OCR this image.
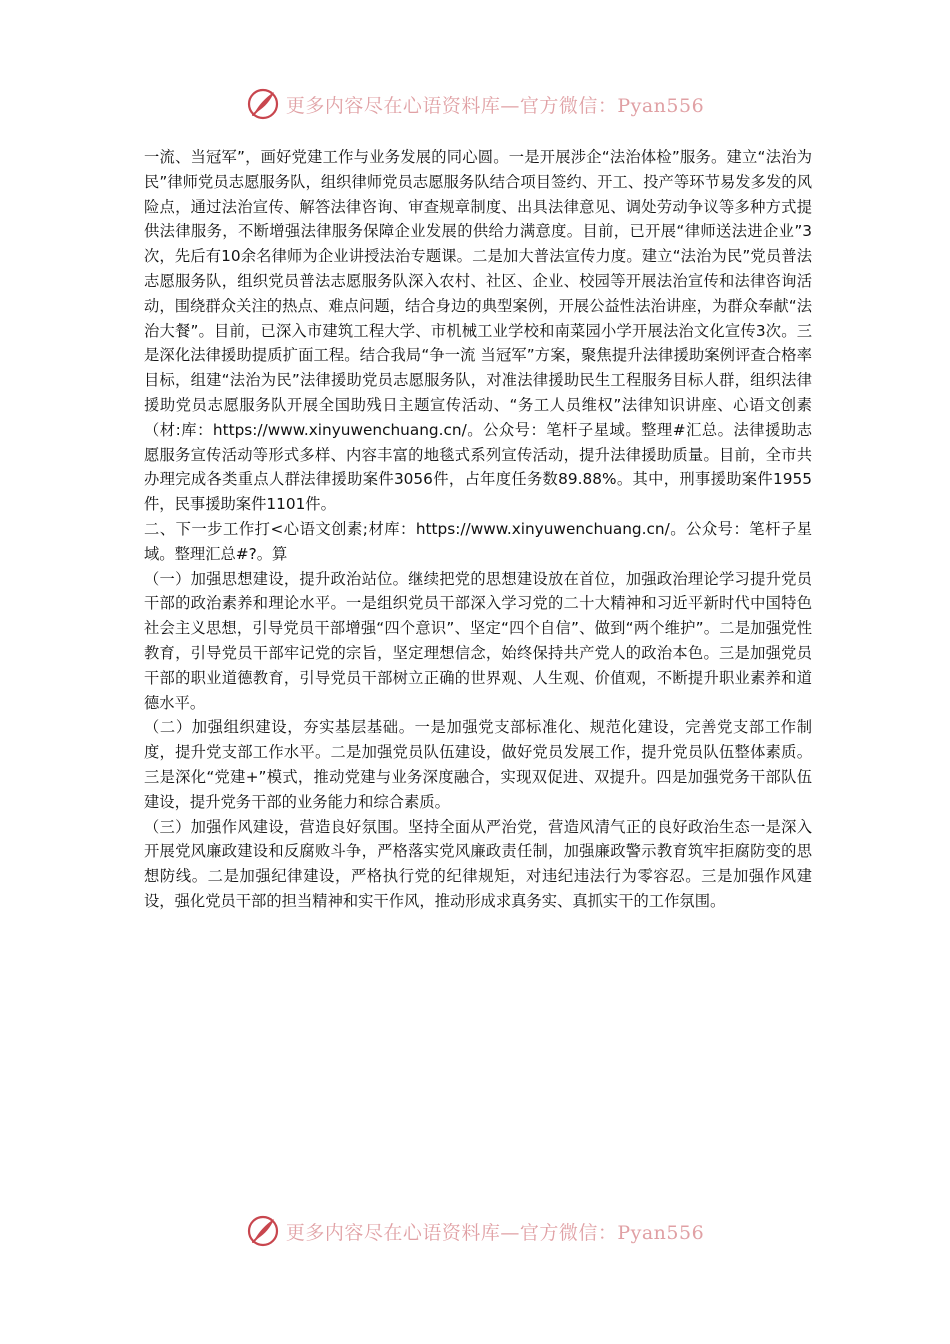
更多内容尽在心语资料库—官方微信：Pyan556

一流、当冠军”，画好党建工作与业务发展的同心圆。一是开展涉企“法治体检”服务。建立“法治为民”律师党员志愿服务队，组织律师党员志愿服务队结合项目签约、开工、投产等环节易发多发的风险点，通过法治宣传、解答法律咨询、审查规章制度、出具法律意见、调处劳动争议等多种方式提供法律服务，不断增强法律服务保障企业发展的供给力满意度。目前，已开展“律师送法进企业”3次，先后有10余名律师为企业讲授法治专题课。二是加大普法宣传力度。建立“法治为民”党员普法志愿服务队，组织党员普法志愿服务队深入农村、社区、企业、校园等开展法治宣传和法律咨询活动，围绕群众关注的热点、难点问题，结合身边的典型案例，开展公益性法治讲座，为群众奉献“法治大餐”。目前，已深入市建筑工程大学、市机械工业学校和南菜园小学开展法治文化宣传3次。三是深化法律援助提质扩面工程。结合我局“争一流 当冠军”方案，聚焦提升法律援助案例评查合格率目标，组建“法治为民”法律援助党员志愿服务队，对准法律援助民生工程服务目标人群，组织法律援助党员志愿服务队开展全国助残日主题宣传活动、“务工人员维权”法律知识讲座、心语文创素（材:库：https://www.xinyuwenchuang.cn/。公众号：笔杆子星域。整理#汇总。法律援助志愿服务宣传活动等形式多样、内容丰富的地毯式系列宣传活动，提升法律援助质量。目前，全市共办理完成各类重点人群法律援助案件3056件，占年度任务数89.88%。其中，刑事援助案件1955件，民事援助案件1101件。

二、下一步工作打<心语文创素;材库：https://www.xinyuwenchuang.cn/。公众号：笔杆子星域。整理汇总#?。算

（一）加强思想建设，提升政治站位。继续把党的思想建设放在首位，加强政治理论学习提升党员干部的政治素养和理论水平。一是组织党员干部深入学习党的二十大精神和习近平新时代中国特色社会主义思想，引导党员干部增强“四个意识”、坚定“四个自信”、做到“两个维护”。二是加强党性教育，引导党员干部牢记党的宗旨，坚定理想信念，始终保持共产党人的政治本色。三是加强党员干部的职业道德教育，引导党员干部树立正确的世界观、人生观、价值观，不断提升职业素养和道德水平。

（二）加强组织建设，夯实基层基础。一是加强党支部标准化、规范化建设，完善党支部工作制度，提升党支部工作水平。二是加强党员队伍建设，做好党员发展工作，提升党员队伍整体素质。三是深化“党建+”模式，推动党建与业务深度融合，实现双促进、双提升。四是加强党务干部队伍建设，提升党务干部的业务能力和综合素质。

（三）加强作风建设，营造良好氛围。坚持全面从严治党，营造风清气正的良好政治生态一是深入开展党风廉政建设和反腐败斗争，严格落实党风廉政责任制，加强廉政警示教育筑牢拒腐防变的思想防线。二是加强纪律建设，严格执行党的纪律规矩，对违纪违法行为零容忍。三是加强作风建设，强化党员干部的担当精神和实干作风，推动形成求真务实、真抓实干的工作氛围。

更多内容尽在心语资料库—官方微信：Pyan556
